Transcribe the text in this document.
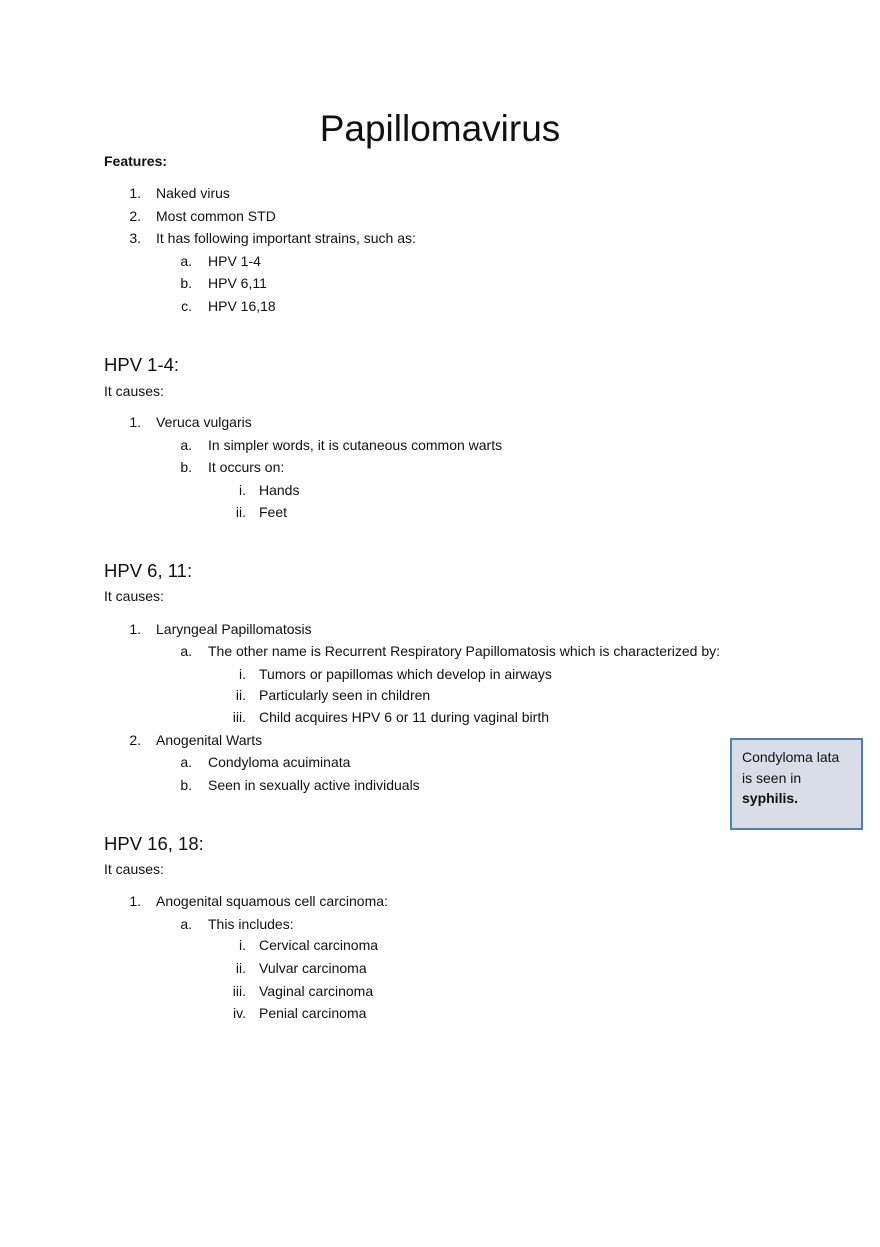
Papillomavirus
Features:
1. Naked virus
2. Most common STD
3. It has following important strains, such as:
a. HPV 1-4
b. HPV 6,11
c. HPV 16,18
HPV 1-4:
It causes:
1. Veruca vulgaris
a. In simpler words, it is cutaneous common warts
b. It occurs on:
i. Hands
ii. Feet
HPV 6, 11:
It causes:
1. Laryngeal Papillomatosis
a. The other name is Recurrent Respiratory Papillomatosis which is characterized by:
i. Tumors or papillomas which develop in airways
ii. Particularly seen in children
iii. Child acquires HPV 6 or 11 during vaginal birth
2. Anogenital Warts
a. Condyloma acuiminata
b. Seen in sexually active individuals
Condyloma lata
is seen in
syphilis.
HPV 16, 18:
It causes:
1. Anogenital squamous cell carcinoma:
a. This includes:
i. Cervical carcinoma
ii. Vulvar carcinoma
iii. Vaginal carcinoma
iv. Penial carcinoma
